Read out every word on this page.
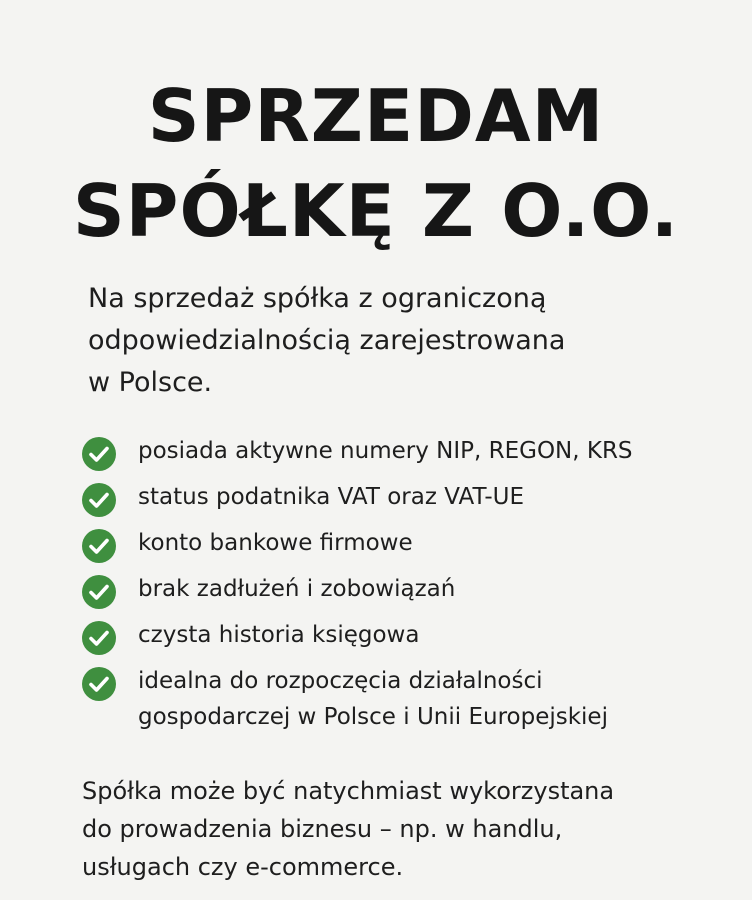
SPRZEDAM
SPÓŁKĘ Z O.O.

Na sprzedaż spółka z ograniczoną
odpowiedzialnością zarejestrowana
w Polsce.

posiada aktywne numery NIP, REGON, KRS
status podatnika VAT oraz VAT-UE
konto bankowe firmowe
brak zadłużeń i zobowiązań
czysta historia księgowa
idealna do rozpoczęcia działalności
gospodarczej w Polsce i Unii Europejskiej

Spółka może być natychmiast wykorzystana
do prowadzenia biznesu – np. w handlu,
usługach czy e-commerce.
